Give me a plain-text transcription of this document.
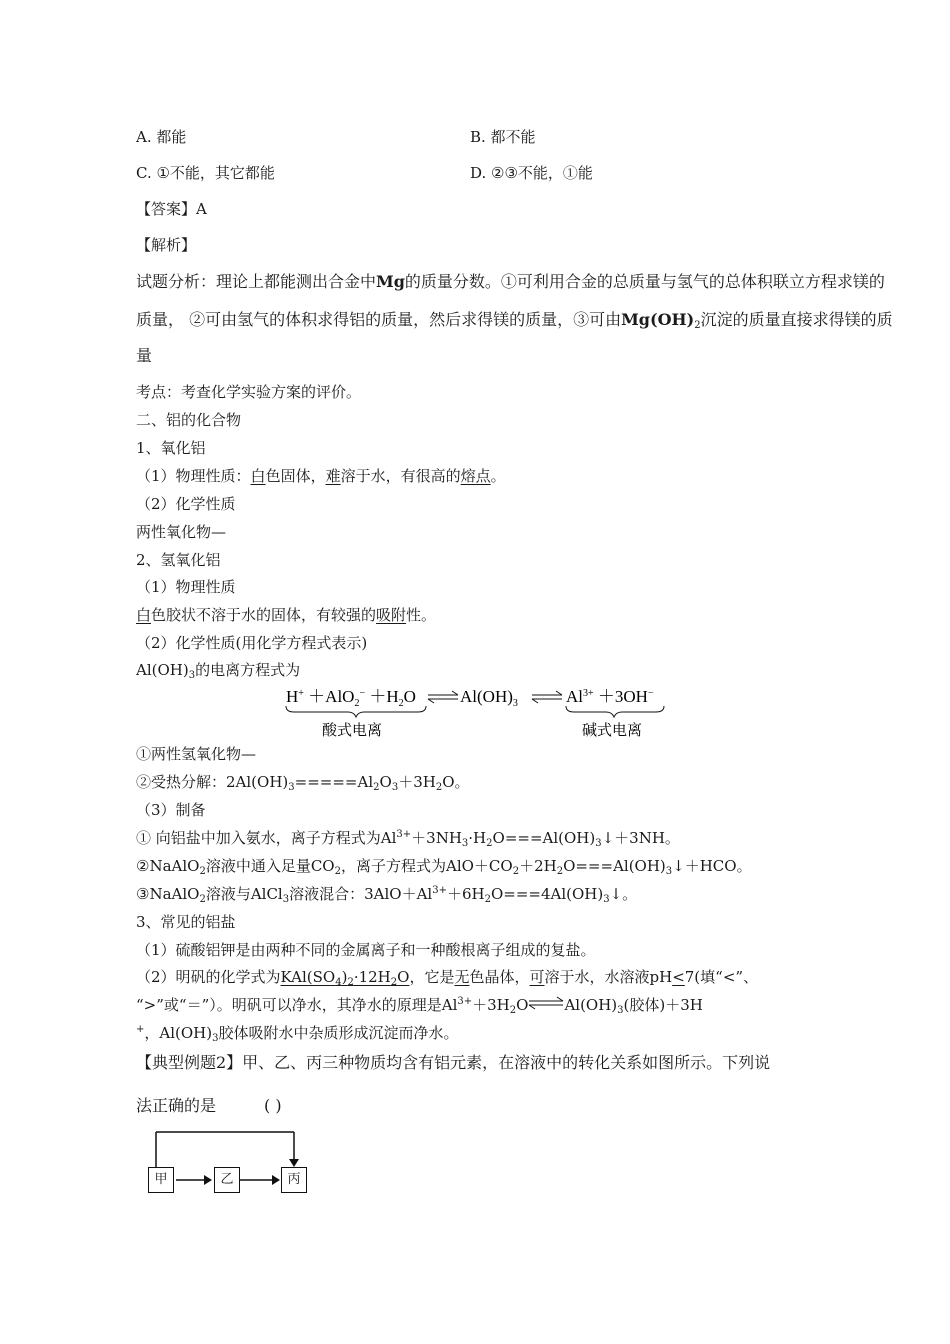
A. 都能	B. 都不能
C. ①不能，其它都能	D. ②③不能，①能
【答案】A
【解析】
试题分析：理论上都能测出合金中Mg的质量分数。①可利用合金的总质量与氢气的总体积联立方程求镁的
质量， ②可由氢气的体积求得铝的质量，然后求得镁的质量，③可由$Mg(OH)_2$沉淀的质量直接求得镁的质
量
考点：考查化学实验方案的评价。
二、铝的化合物
1、氧化铝
（1）物理性质：白色固体，难溶于水，有很高的熔点。
（2）化学性质
两性氧化物—
2、氢氧化铝
（1）物理性质
白色胶状不溶于水的固体，有较强的吸附性。
（2）化学性质(用化学方程式表示)
$Al(OH)_3$的电离方程式为
$H^+ +AlO_2^- +H_2O$	$Al(OH)_3$	$Al^{3+} +3OH^-$
酸式电离	碱式电离
①两性氢氧化物—
②受热分解：$2Al(OH)_3=====Al_2O_3+3H_2O$。
（3）制备
① 向铝盐中加入氨水，离子方程式为$Al^{3+}+3NH_3\cdot H_2O===Al(OH)_3↓+3NH$。
②NaAlO$_2$溶液中通入足量$CO_2$，离子方程式为$AlO+CO_2+2H_2O===Al(OH)_3↓+HCO$。
③NaAlO$_2$溶液与AlCl$_3$溶液混合：$3AlO+Al^{3+}+6H_2O===4Al(OH)_3↓$。
3、常见的铝盐
（1）硫酸铝钾是由两种不同的金属离子和一种酸根离子组成的复盐。
（2）明矾的化学式为$KAl(SO_4)_2\cdot 12H_2O$，它是无色晶体，可溶于水，水溶液pH<7(填“<”、
“>”或“＝”）。明矾可以净水，其净水的原理是$Al^{3+}+3H_2O\rightleftharpoons Al(OH)_3$(胶体)＋3H
+，$Al(OH)_3$胶体吸附水中杂质形成沉淀而净水。
【典型例题2】甲、乙、丙三种物质均含有铝元素，在溶液中的转化关系如图所示。下列说
法正确的是	( )
甲	乙	丙
